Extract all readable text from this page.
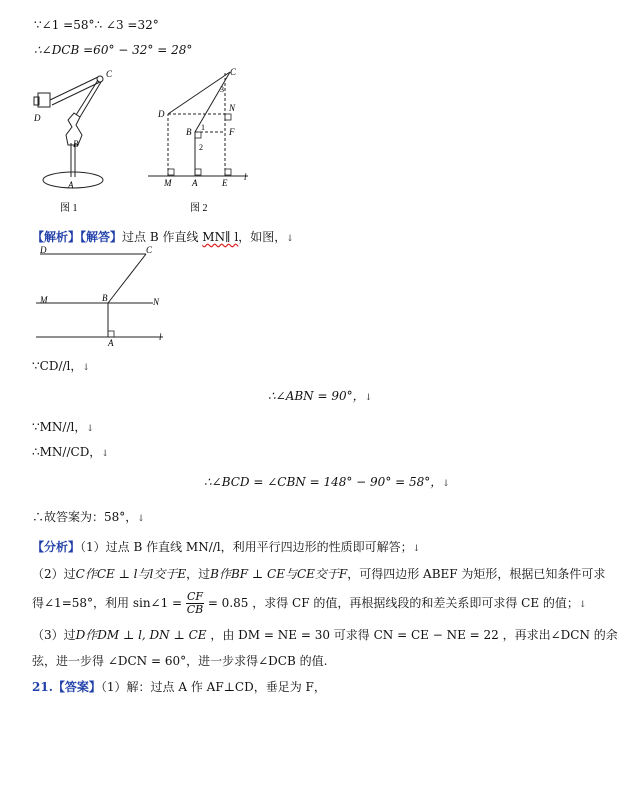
∵∠1 =58°∴ ∠3 =32°
∴∠DCB =60° − 32° = 28°
C
D
B
A
图 1
C
D
N
3
B 1	F
2
M A	E
l
图 2
【解析】【解答】过点 B 作直线 MN∥ l，如图，↓
D	C
M	B	N
A
l
∵CD//l，↓
∴∠ABN = 90°，↓
∵MN//l，↓
∴MN//CD，↓
∴∠BCD = ∠CBN = 148° − 90° = 58°，↓
∴故答案为：58°，↓
【分析】（1）过点 B 作直线 MN//l，利用平行四边形的性质即可解答；↓
（2）过C作CE ⊥ l与l交于E，过B作BF ⊥ CE与CE交于F，可得四边形 ABEF 为矩形，根据已知条件可求
得∠1=58°，利用 sin∠1 = $\frac{CF}{CB} = 0.85$ ，求得 CF 的值，再根据线段的和差关系即可求得 CE 的值；↓
（3）过D作DM ⊥ l, DN ⊥ CE ，由 DM = NE = 30 可求得 CN = CE − NE = 22 ，再求出∠DCN 的余
弦，进一步得 ∠DCN = 60°，进一步求得∠DCB 的值.
21.【答案】（1）解：过点 A 作 AF⊥CD，垂足为 F，
